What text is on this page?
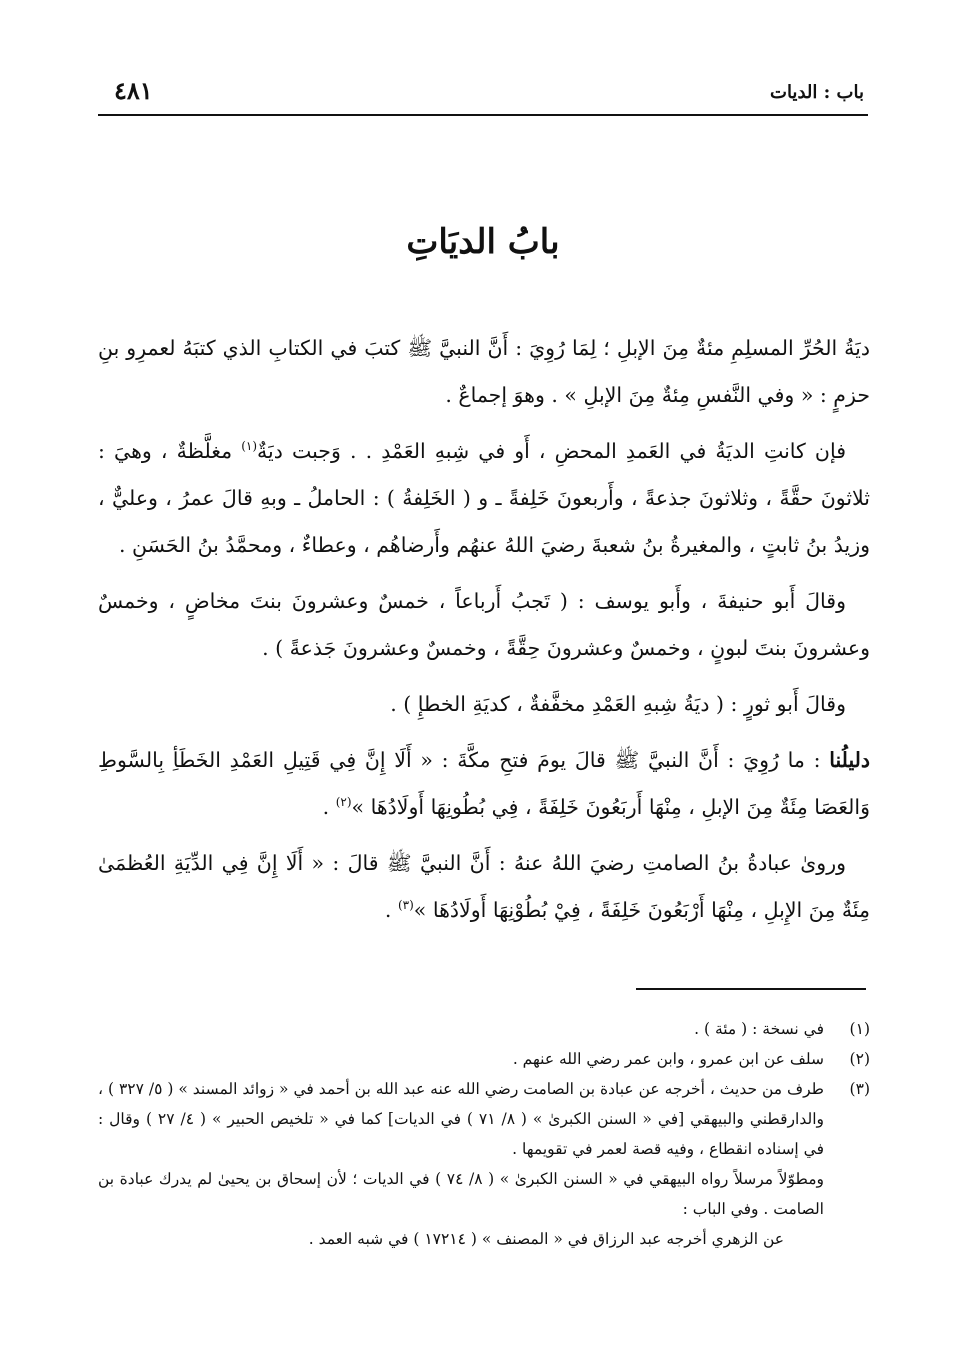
باب : الديات
٤٨١
بابُ الديَاتِ

ديَةُ الحُرِّ المسلِمِ مئةٌ مِنَ الإبلِ ؛ لِمَا رُوِيَ : أَنَّ النبيَّ ﷺ كتبَ في الكتابِ الذي كتبَهُ لعمرِو بنِ حزمٍ : « وفي النَّفسِ مِئةٌ مِنَ الإبلِ » . وهوَ إجماعٌ .

فإن كانتِ الديَةُ في العَمدِ المحضِ ، أَو في شِبهِ العَمْدِ . . وَجبت ديَةٌ$^{(١)}$ مغلَّظةٌ ، وهيَ : ثلاثونَ حقَّةً ، وثلاثونَ جذعةً ، وأَربعونَ خَلِفةً ـ و ( الخَلِفةُ ) : الحاملُ ـ وبهِ قالَ عمرُ ، وعليٌّ ، وزيدُ بنُ ثابتٍ ، والمغيرةُ بنُ شعبةَ رضيَ اللهُ عنهُم وأَرضاهُم ، وعطاءٌ ، ومحمَّدُ بنُ الحَسَنِ .

وقالَ أَبو حنيفةَ ، وأَبو يوسف : ( تَجبُ أَرباعاً ، خمسٌ وعشرونَ بنتَ مخاضٍ ، وخمسٌ وعشرونَ بنتَ لبونٍ ، وخمسٌ وعشرونَ حِقَّةً ، وخمسٌ وعشرونَ جَذعةً ) .

وقالَ أَبو ثورٍ : ( ديَةُ شِبهِ العَمْدِ مخفَّفةٌ ، كديَةِ الخطإِ ) .

دليلُنا : ما رُوِيَ : أَنَّ النبيَّ ﷺ قالَ يومَ فتحِ مكَّةَ : « أَلَا إِنَّ فِي قَتِيلِ العَمْدِ الخَطَأِ بِالسَّوطِ وَالعَصَا مِئَةٌ مِنَ الإبلِ ، مِنْهَا أَربَعُونَ خَلِفَةً ، فِي بُطُونِهَا أَولَادُهَا »$^{(٢)}$ .

وروىٰ عبادةُ بنُ الصامتِ رضيَ اللهُ عنهُ : أَنَّ النبيَّ ﷺ قالَ : « أَلَا إِنَّ فِي الدِّيَةِ العُظمَىٰ مِئَةٌ مِنَ الإِبلِ ، مِنْهَا أَرْبَعُونَ خَلِفَةً ، فِيْ بُطُوْنِهَا أَولَادُهَا »$^{(٣)}$ .

(١)
في نسخة : ( مئة ) .
(٢)
سلف عن ابن عمرو ، وابن عمر رضي الله عنهم .
(٣)
طرف من حديث ، أخرجه عن عبادة بن الصامت رضي الله عنه عبد الله بن أحمد في « زوائد المسند » ( ٥/ ٣٢٧ ) ، والدارقطني والبيهقي [في « السنن الكبرىٰ » ( ٨/ ٧١ ) في الديات] كما في « تلخيص الحبير » ( ٤/ ٢٧ ) وقال : في إسناده انقطاع ، وفيه قصة لعمر في تقويمها .
ومطوّلاً مرسلاً رواه البيهقي في « السنن الكبرىٰ » ( ٨/ ٧٤ ) في الديات ؛ لأن إسحاق بن يحيىٰ لم يدرك عبادة بن الصامت . وفي الباب :
عن الزهري أخرجه عبد الرزاق في « المصنف » ( ١٧٢١٤ ) في شبه العمد .
